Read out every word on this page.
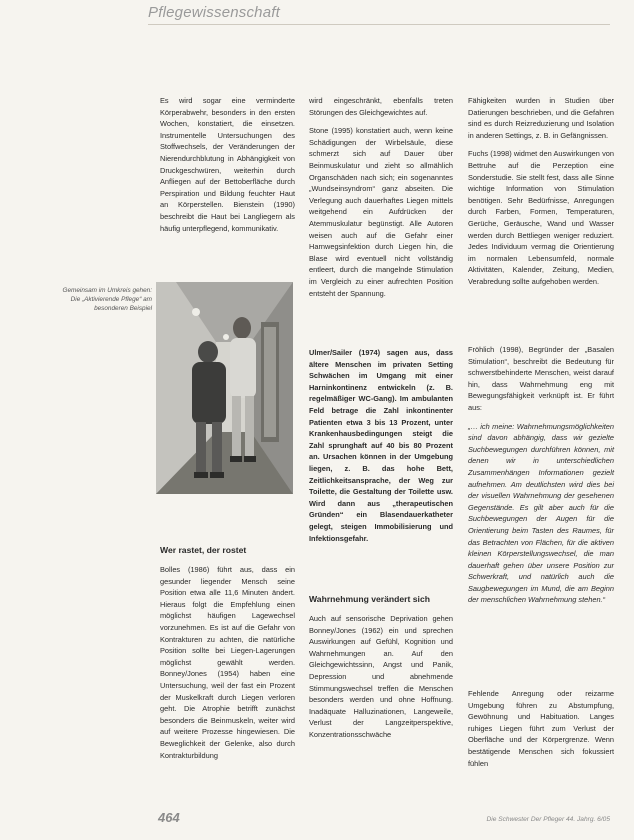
Pflegewissenschaft

Es wird sogar eine verminderte Körperabwehr, besonders in den ersten Wochen, konstatiert, die einsetzen. Instrumentelle Untersuchungen des Stoffwechsels, der Veränderungen der Nierendurchblutung in Abhängigkeit von Druckgeschwüren, weiterhin durch Anfliegen auf der Bettoberfläche durch Perspiration und Bildung feuchter Haut an Körperstellen. Bienstein (1990) beschreibt die Haut bei Langliegern als häufig unterpflegend, kommunikativ.

Gemeinsam im Umkreis gehen: Die „Aktivierende Pflege“ am besonderen Beispiel

Wer rastet, der rostet

Bolles (1986) führt aus, dass ein gesunder liegender Mensch seine Position etwa alle 11,6 Minuten ändert. Hieraus folgt die Empfehlung einen möglichst häufigen Lagewechsel vorzunehmen. Es ist auf die Gefahr von Kontrakturen zu achten, die natürliche Position sollte bei Liegen-Lagerungen möglichst gewählt werden. Bonney/Jones (1954) haben eine Untersuchung, weil der fast ein Prozent der Muskelkraft durch Liegen verloren geht. Die Atrophie betrifft zunächst besonders die Beinmuskeln, weiter wird auf weitere Prozesse hingewiesen. Die Beweglichkeit der Gelenke, also durch Kontrakturbildung

wird eingeschränkt, ebenfalls treten Störungen des Gleichgewichtes auf.

Stone (1995) konstatiert auch, wenn keine Schädigungen der Wirbelsäule, diese schmerzt sich auf Dauer über Beinmuskulatur und zieht so allmählich Organschäden nach sich; ein sogenanntes „Wundseinsyndrom“ ganz abseiten. Die Verlegung auch dauerhaftes Liegen mittels weitgehend ein Aufdrücken der Atemmuskulatur begünstigt. Alle Autoren weisen auch auf die Gefahr einer Harnwegsinfektion durch Liegen hin, die Blase wird eventuell nicht vollständig entleert, durch die mangelnde Stimulation im Vergleich zu einer aufrechten Position entsteht der Spannung.

Ulmer/Sailer (1974) sagen aus, dass ältere Menschen im privaten Setting Schwächen im Umgang mit einer Harninkontinenz entwickeln (z. B. regelmäßiger WC-Gang). Im ambulanten Feld betrage die Zahl inkontinenter Patienten etwa 3 bis 13 Prozent, unter Krankenhausbedingungen steigt die Zahl sprunghaft auf 40 bis 80 Prozent an. Ursachen können in der Umgebung liegen, z. B. das hohe Bett, Zeitlichkeitsansprache, der Weg zur Toilette, die Gestaltung der Toilette usw. Wird dann aus „therapeutischen Gründen“ ein Blasendauerkatheter gelegt, steigen Immobilisierung und Infektionsgefahr.

Wahrnehmung verändert sich

Auch auf sensorische Deprivation gehen Bonney/Jones (1962) ein und sprechen Auswirkungen auf Gefühl, Kognition und Wahrnehmungen an. Auf den Gleichgewichtssinn, Angst und Panik, Depression und abnehmende Stimmungswechsel treffen die Menschen besonders werden und ohne Hoffnung. Inadäquate Halluzinationen, Langeweile, Verlust der Langzeitperspektive, Konzentrationsschwäche

Fähigkeiten wurden in Studien über Datierungen beschrieben, und die Gefahren sind es durch Reizreduzierung und Isolation in anderen Settings, z. B. in Gefängnissen.

Fuchs (1998) widmet den Auswirkungen von Bettruhe auf die Perzeption eine Sonderstudie. Sie stellt fest, dass alle Sinne wichtige Information von Stimulation benötigen. Sehr Bedürfnisse, Anregungen durch Farben, Formen, Temperaturen, Gerüche, Geräusche, Wand und Wasser werden durch Bettliegen weniger reduziert. Jedes Individuum vermag die Orientierung im normalen Lebensumfeld, normale Aktivitäten, Kalender, Zeitung, Medien, Verabredung sollte aufgehoben werden.

Fröhlich (1998), Begründer der „Basalen Stimulation“, beschreibt die Bedeutung für schwerstbehinderte Menschen, weist darauf hin, dass Wahrnehmung eng mit Bewegungsfähigkeit verknüpft ist. Er führt aus:

„… ich meine: Wahrnehmungsmöglichkeiten sind davon abhängig, dass wir gezielte Suchbewegungen durchführen können, mit denen wir in unterschiedlichen Zusammenhängen Informationen gezielt aufnehmen. Am deutlichsten wird dies bei der visuellen Wahrnehmung der gesehenen Gegenstände. Es gilt aber auch für die Suchbewegungen der Augen für die Orientierung beim Tasten des Raumes, für das Betrachten von Flächen, für die aktiven kleinen Körperstellungswechsel, die man dauerhaft gehen über unsere Position zur Schwerkraft, und natürlich auch die Saugbewegungen im Mund, die am Beginn der menschlichen Wahrnehmung stehen.“

Fehlende Anregung oder reizarme Umgebung führen zu Abstumpfung, Gewöhnung und Habituation. Langes ruhiges Liegen führt zum Verlust der Oberfläche und der Körpergrenze. Wenn bestätigende Menschen sich fokussiert fühlen

464	Die Schwester Der Pfleger 44. Jahrg. 6/05
